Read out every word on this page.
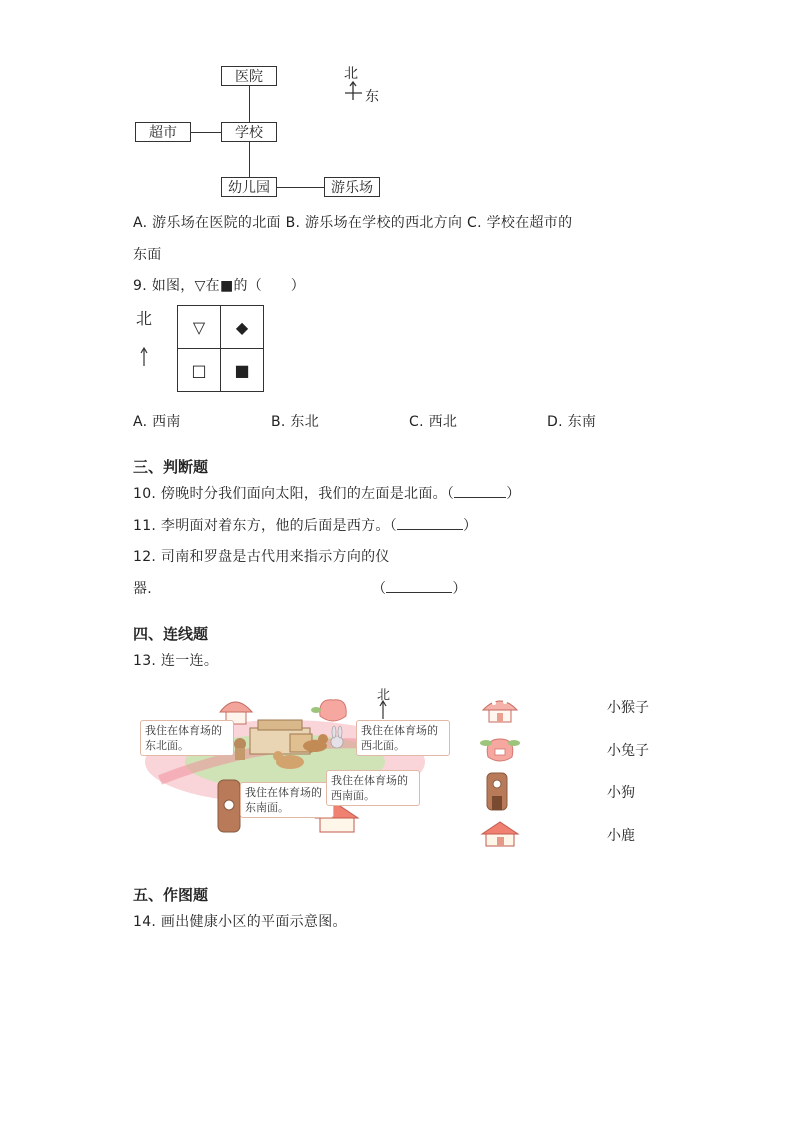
医院
学校
超市
幼儿园	游乐场
北
东
A. 游乐场在医院的北面 B. 游乐场在学校的西北方向 C. 学校在超市的
东面
9. 如图，▽在■的（　　）
北	▽	◆
□	■
A. 西南	B. 东北	C. 西北	D. 东南
三、判断题
10. 傍晚时分我们面向太阳，我们的左面是北面。（	）
11. 李明面对着东方，他的后面是西方。（	）
12. 司南和罗盘是古代用来指示方向的仪
器.	（	）
四、连线题
13. 连一连。
我住在体育场的东北面。
我住在体育场的西北面。
我住在体育场的东南面。
我住在体育场的西南面。
北
小猴子
小兔子
小狗
小鹿
五、作图题
14. 画出健康小区的平面示意图。
